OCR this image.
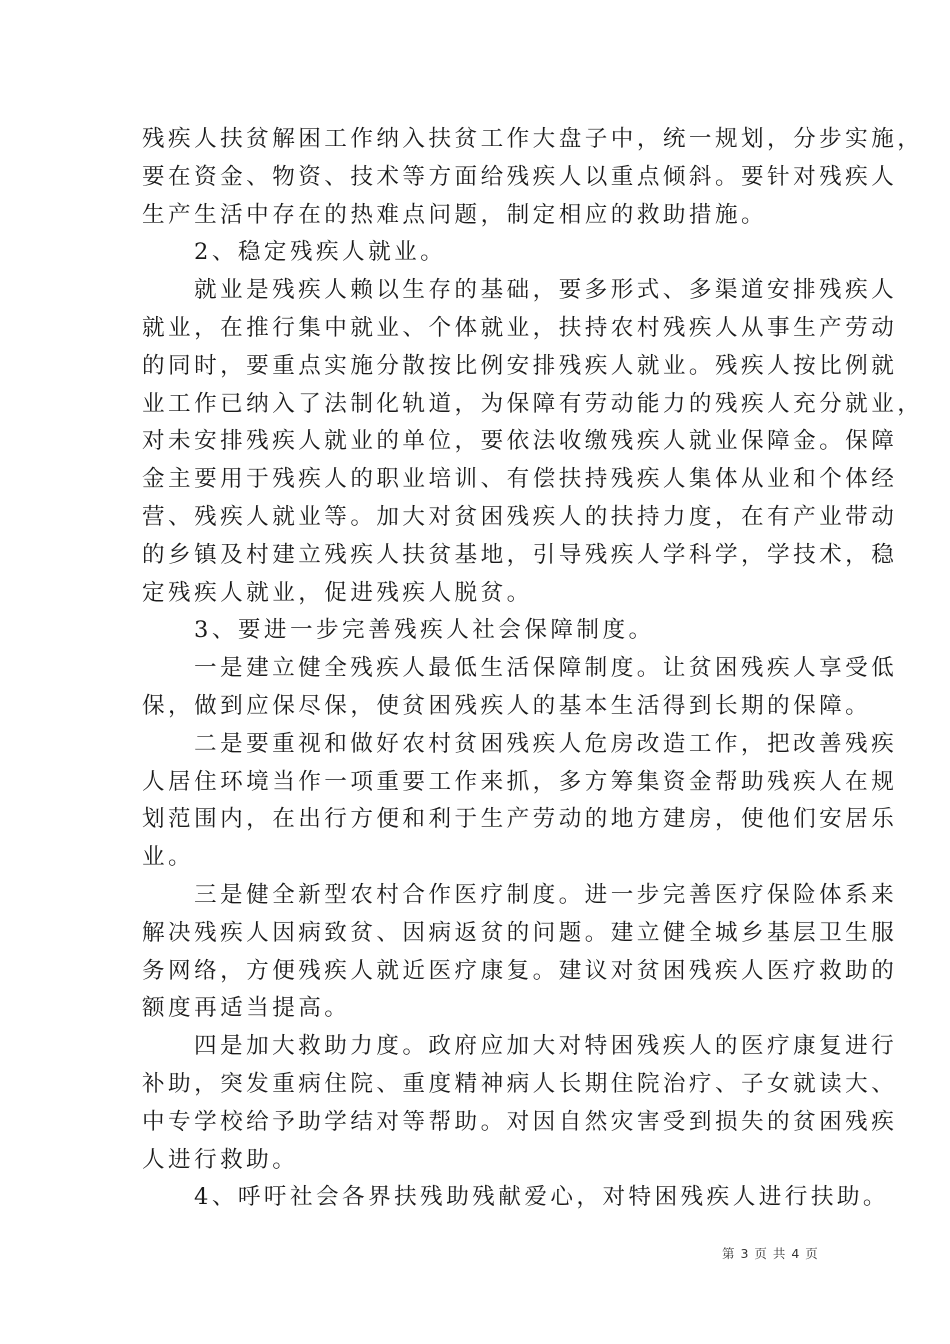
残疾人扶贫解困工作纳入扶贫工作大盘子中，统一规划，分步实施，
要在资金、物资、技术等方面给残疾人以重点倾斜。要针对残疾人
生产生活中存在的热难点问题，制定相应的救助措施。
2、稳定残疾人就业。
就业是残疾人赖以生存的基础，要多形式、多渠道安排残疾人
就业，在推行集中就业、个体就业，扶持农村残疾人从事生产劳动
的同时，要重点实施分散按比例安排残疾人就业。残疾人按比例就
业工作已纳入了法制化轨道，为保障有劳动能力的残疾人充分就业，
对未安排残疾人就业的单位，要依法收缴残疾人就业保障金。保障
金主要用于残疾人的职业培训、有偿扶持残疾人集体从业和个体经
营、残疾人就业等。加大对贫困残疾人的扶持力度，在有产业带动
的乡镇及村建立残疾人扶贫基地，引导残疾人学科学，学技术，稳
定残疾人就业，促进残疾人脱贫。
3、要进一步完善残疾人社会保障制度。
一是建立健全残疾人最低生活保障制度。让贫困残疾人享受低
保，做到应保尽保，使贫困残疾人的基本生活得到长期的保障。
二是要重视和做好农村贫困残疾人危房改造工作，把改善残疾
人居住环境当作一项重要工作来抓，多方筹集资金帮助残疾人在规
划范围内，在出行方便和利于生产劳动的地方建房，使他们安居乐
业。
三是健全新型农村合作医疗制度。进一步完善医疗保险体系来
解决残疾人因病致贫、因病返贫的问题。建立健全城乡基层卫生服
务网络，方便残疾人就近医疗康复。建议对贫困残疾人医疗救助的
额度再适当提高。
四是加大救助力度。政府应加大对特困残疾人的医疗康复进行
补助，突发重病住院、重度精神病人长期住院治疗、子女就读大、
中专学校给予助学结对等帮助。对因自然灾害受到损失的贫困残疾
人进行救助。
4、呼吁社会各界扶残助残献爱心，对特困残疾人进行扶助。
第 3 页 共 4 页
